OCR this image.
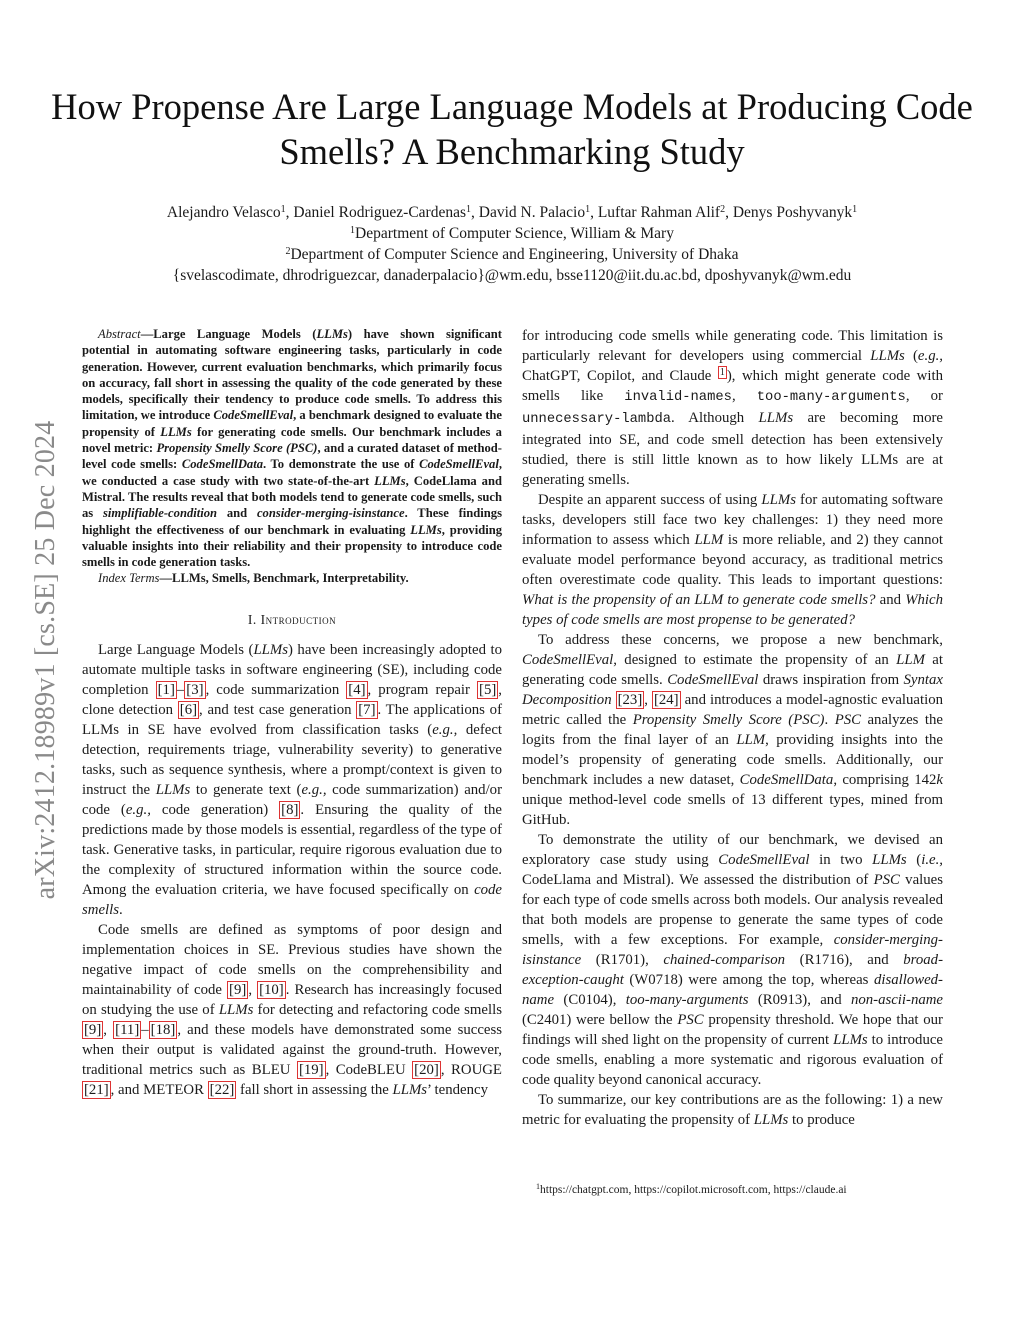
arXiv:2412.18989v1 [cs.SE] 25 Dec 2024
How Propense Are Large Language Models at Producing Code Smells? A Benchmarking Study
Alejandro Velasco$^1$, Daniel Rodriguez-Cardenas$^1$, David N. Palacio$^1$, Luftar Rahman Alif$^2$, Denys Poshyvanyk$^1$
$^1$Department of Computer Science, William & Mary
$^2$Department of Computer Science and Engineering, University of Dhaka
{svelascodimate, dhrodriguezcar, danaderpalacio}@wm.edu, bsse1120@iit.du.ac.bd, dposhyvanyk@wm.edu

Abstract—Large Language Models (LLMs) have shown significant potential in automating software engineering tasks, particularly in code generation. However, current evaluation benchmarks, which primarily focus on accuracy, fall short in assessing the quality of the code generated by these models, specifically their tendency to produce code smells. To address this limitation, we introduce CodeSmellEval, a benchmark designed to evaluate the propensity of LLMs for generating code smells. Our benchmark includes a novel metric: Propensity Smelly Score (PSC), and a curated dataset of method-level code smells: CodeSmellData. To demonstrate the use of CodeSmellEval, we conducted a case study with two state-of-the-art LLMs, CodeLlama and Mistral. The results reveal that both models tend to generate code smells, such as simplifiable-condition and consider-merging-isinstance. These findings highlight the effectiveness of our benchmark in evaluating LLMs, providing valuable insights into their reliability and their propensity to introduce code smells in code generation tasks.

Index Terms—LLMs, Smells, Benchmark, Interpretability.

I. Introduction

Large Language Models (LLMs) have been increasingly adopted to automate multiple tasks in software engineering (SE), including code completion [1] – [3] , code summarization [4] , program repair [5] , clone detection [6] , and test case generation [7] . The applications of LLMs in SE have evolved from classification tasks (e.g., defect detection, requirements triage, vulnerability severity) to generative tasks, such as sequence synthesis, where a prompt/context is given to instruct the LLMs to generate text (e.g., code summarization) and/or code (e.g., code generation) [8] . Ensuring the quality of the predictions made by those models is essential, regardless of the type of task. Generative tasks, in particular, require rigorous evaluation due to the complexity of structured information within the source code. Among the evaluation criteria, we have focused specifically on code smells.

Code smells are defined as symptoms of poor design and implementation choices in SE. Previous studies have shown the negative impact of code smells on the comprehensibility and maintainability of code [9] , [10] . Research has increasingly focused on studying the use of LLMs for detecting and refactoring code smells [9] , [11] – [18] , and these models have demonstrated some success when their output is validated against the ground-truth. However, traditional metrics such as BLEU [19] , CodeBLEU [20] , ROUGE [21] , and METEOR [22] fall short in assessing the LLMs’ tendency

for introducing code smells while generating code. This limitation is particularly relevant for developers using commercial LLMs (e.g., ChatGPT, Copilot, and Claude $^1$ ), which might generate code with smells like invalid-names, too-many-arguments, or unnecessary-lambda. Although LLMs are becoming more integrated into SE, and code smell detection has been extensively studied, there is still little known as to how likely LLMs are at generating smells.

Despite an apparent success of using LLMs for automating software tasks, developers still face two key challenges: 1) they need more information to assess which LLM is more reliable, and 2) they cannot evaluate model performance beyond accuracy, as traditional metrics often overestimate code quality. This leads to important questions: What is the propensity of an LLM to generate code smells? and Which types of code smells are most propense to be generated?

To address these concerns, we propose a new benchmark, CodeSmellEval, designed to estimate the propensity of an LLM at generating code smells. CodeSmellEval draws inspiration from Syntax Decomposition [23] , [24] and introduces a model-agnostic evaluation metric called the Propensity Smelly Score (PSC). PSC analyzes the logits from the final layer of an LLM, providing insights into the model’s propensity of generating code smells. Additionally, our benchmark includes a new dataset, CodeSmellData, comprising 142k unique method-level code smells of 13 different types, mined from GitHub.

To demonstrate the utility of our benchmark, we devised an exploratory case study using CodeSmellEval in two LLMs (i.e., CodeLlama and Mistral). We assessed the distribution of PSC values for each type of code smells across both models. Our analysis revealed that both models are propense to generate the same types of code smells, with a few exceptions. For example, consider-merging-isinstance (R1701), chained-comparison (R1716), and broad-exception-caught (W0718) were among the top, whereas disallowed-name (C0104), too-many-arguments (R0913), and non-ascii-name (C2401) were bellow the PSC propensity threshold. We hope that our findings will shed light on the propensity of current LLMs to introduce code smells, enabling a more systematic and rigorous evaluation of code quality beyond canonical accuracy.

To summarize, our key contributions are as the following: 1) a new metric for evaluating the propensity of LLMs to produce

$^1$https://chatgpt.com, https://copilot.microsoft.com, https://claude.ai
